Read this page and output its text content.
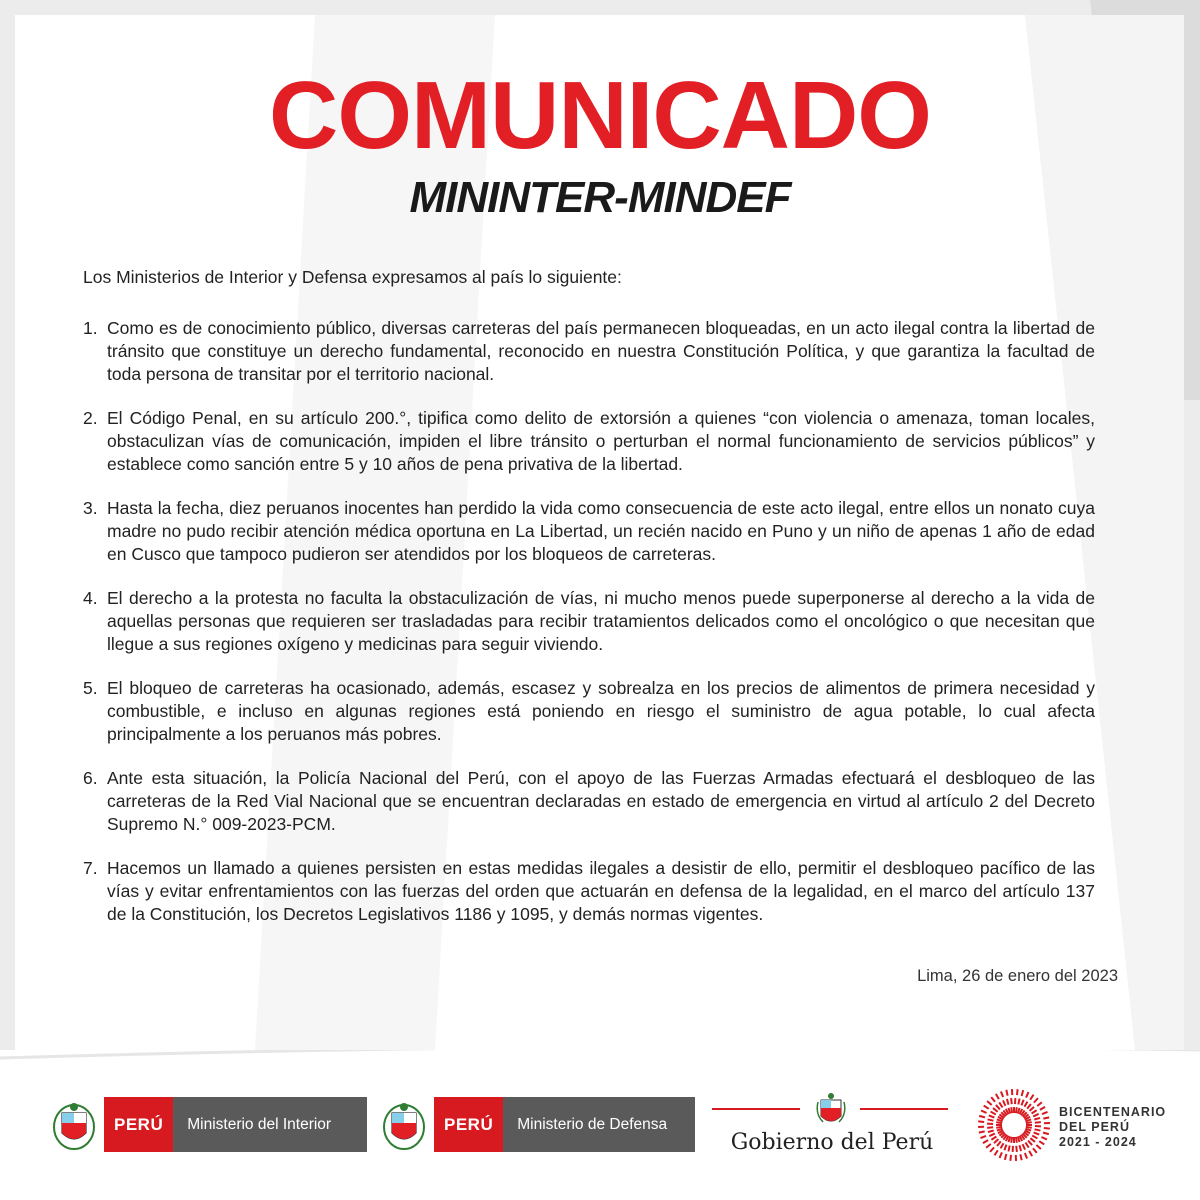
COMUNICADO
MININTER-MINDEF

Los Ministerios de Interior y Defensa expresamos al país lo siguiente:

1. Como es de conocimiento público, diversas carreteras del país permanecen bloqueadas, en un acto ilegal contra la libertad de tránsito que constituye un derecho fundamental, reconocido en nuestra Constitución Política, y que garantiza la facultad de toda persona de transitar por el territorio nacional.
2. El Código Penal, en su artículo 200.°, tipifica como delito de extorsión a quienes “con violencia o amenaza, toman locales, obstaculizan vías de comunicación, impiden el libre tránsito o perturban el normal funcionamiento de servicios públicos” y establece como sanción entre 5 y 10 años de pena privativa de la libertad.
3. Hasta la fecha, diez peruanos inocentes han perdido la vida como consecuencia de este acto ilegal, entre ellos un nonato cuya madre no pudo recibir atención médica oportuna en La Libertad, un recién nacido en Puno y un niño de apenas 1 año de edad en Cusco que tampoco pudieron ser atendidos por los bloqueos de carreteras.
4. El derecho a la protesta no faculta la obstaculización de vías, ni mucho menos puede superponerse al derecho a la vida de aquellas personas que requieren ser trasladadas para recibir tratamientos delicados como el oncológico o que necesitan que llegue a sus regiones oxígeno y medicinas para seguir viviendo.
5. El bloqueo de carreteras ha ocasionado, además, escasez y sobrealza en los precios de alimentos de primera necesidad y combustible, e incluso en algunas regiones está poniendo en riesgo el suministro de agua potable, lo cual afecta principalmente a los peruanos más pobres.
6. Ante esta situación, la Policía Nacional del Perú, con el apoyo de las Fuerzas Armadas efectuará el desbloqueo de las carreteras de la Red Vial Nacional que se encuentran declaradas en estado de emergencia en virtud al artículo 2 del Decreto Supremo N.° 009-2023-PCM.
7. Hacemos un llamado a quienes persisten en estas medidas ilegales a desistir de ello, permitir el desbloqueo pacífico de las vías y evitar enfrentamientos con las fuerzas del orden que actuarán en defensa de la legalidad, en el marco del artículo 137 de la Constitución, los Decretos Legislativos 1186 y 1095, y demás normas vigentes.

Lima, 26 de enero del 2023

PERÚ	Ministerio del Interior	PERÚ	Ministerio de Defensa
Gobierno del Perú
BICENTENARIO
DEL PERÚ
2021 - 2024
